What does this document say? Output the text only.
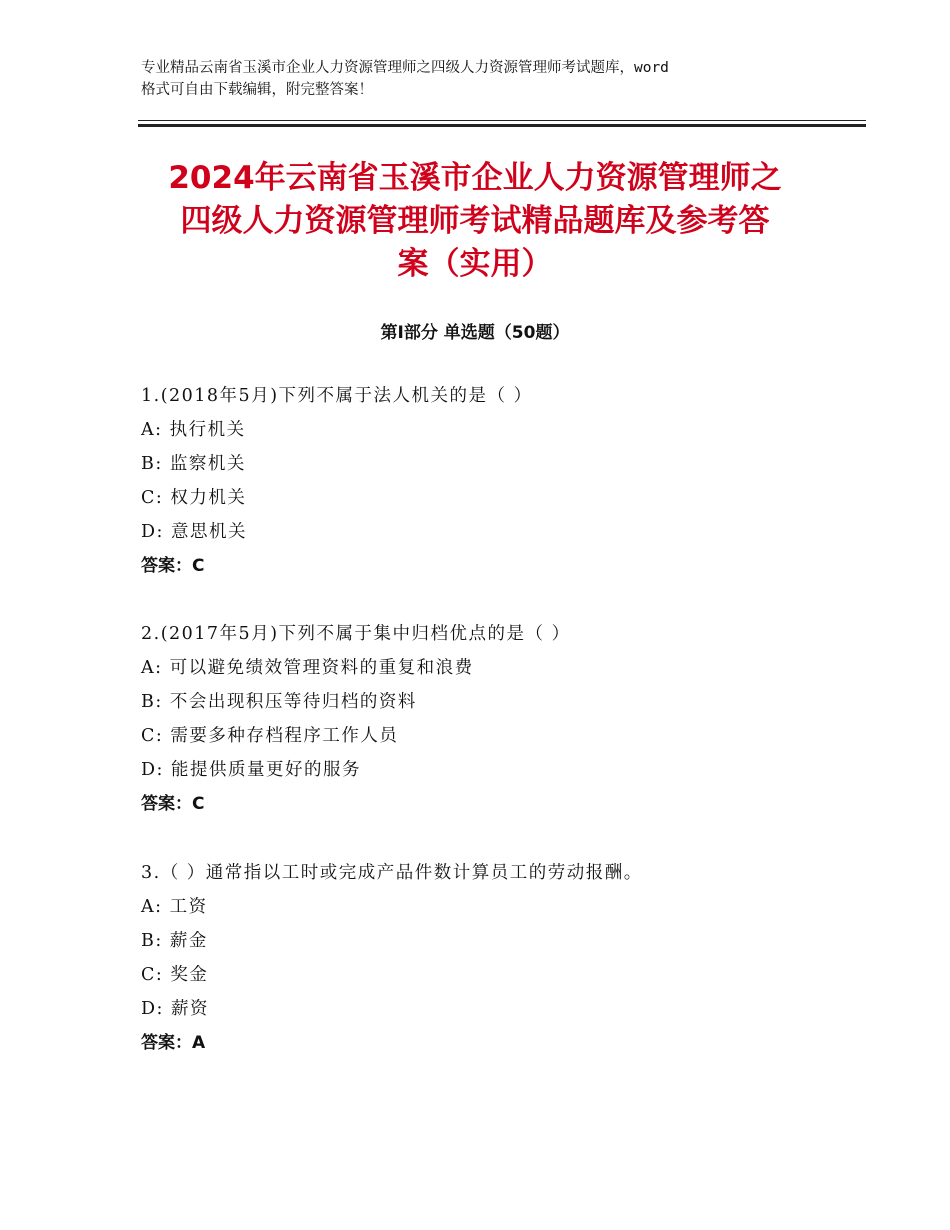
专业精品云南省玉溪市企业人力资源管理师之四级人力资源管理师考试题库，word
格式可自由下载编辑，附完整答案！
2024年云南省玉溪市企业人力资源管理师之
四级人力资源管理师考试精品题库及参考答
案（实用）
第Ⅰ部分 单选题（50题）
1.(2018年5月)下列不属于法人机关的是（ ）
A: 执行机关
B: 监察机关
C: 权力机关
D: 意思机关
答案：C
2.(2017年5月)下列不属于集中归档优点的是（ ）
A: 可以避免绩效管理资料的重复和浪费
B: 不会出现积压等待归档的资料
C: 需要多种存档程序工作人员
D: 能提供质量更好的服务
答案：C
3.（ ）通常指以工时或完成产品件数计算员工的劳动报酬。
A: 工资
B: 薪金
C: 奖金
D: 薪资
答案：A
